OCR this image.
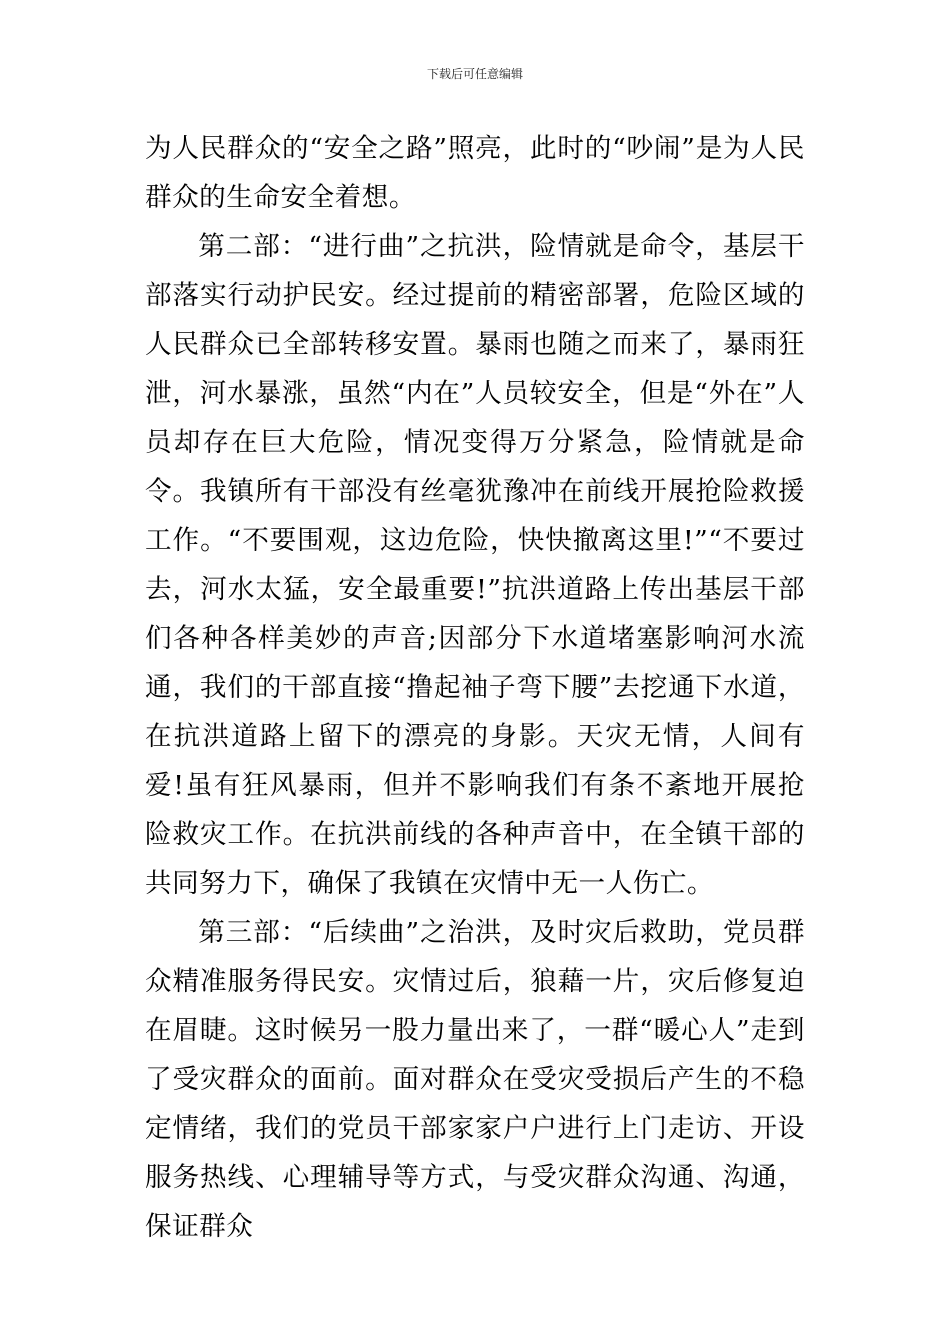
下载后可任意编辑

为人民群众的“安全之路”照亮，此时的“吵闹”是为人民群众的生命安全着想。

第二部：“进行曲”之抗洪，险情就是命令，基层干部落实行动护民安。经过提前的精密部署，危险区域的人民群众已全部转移安置。暴雨也随之而来了，暴雨狂泄，河水暴涨，虽然“内在”人员较安全，但是“外在”人员却存在巨大危险，情况变得万分紧急，险情就是命令。我镇所有干部没有丝毫犹豫冲在前线开展抢险救援工作。“不要围观，这边危险，快快撤离这里!”“不要过去，河水太猛，安全最重要!”抗洪道路上传出基层干部们各种各样美妙的声音;因部分下水道堵塞影响河水流通，我们的干部直接“撸起袖子弯下腰”去挖通下水道，在抗洪道路上留下的漂亮的身影。天灾无情，人间有爱!虽有狂风暴雨，但并不影响我们有条不紊地开展抢险救灾工作。在抗洪前线的各种声音中，在全镇干部的共同努力下，确保了我镇在灾情中无一人伤亡。

第三部：“后续曲”之治洪，及时灾后救助，党员群众精准服务得民安。灾情过后，狼藉一片，灾后修复迫在眉睫。这时候另一股力量出来了，一群“暖心人”走到了受灾群众的面前。面对群众在受灾受损后产生的不稳定情绪，我们的党员干部家家户户进行上门走访、开设服务热线、心理辅导等方式，与受灾群众沟通、沟通，保证群众
